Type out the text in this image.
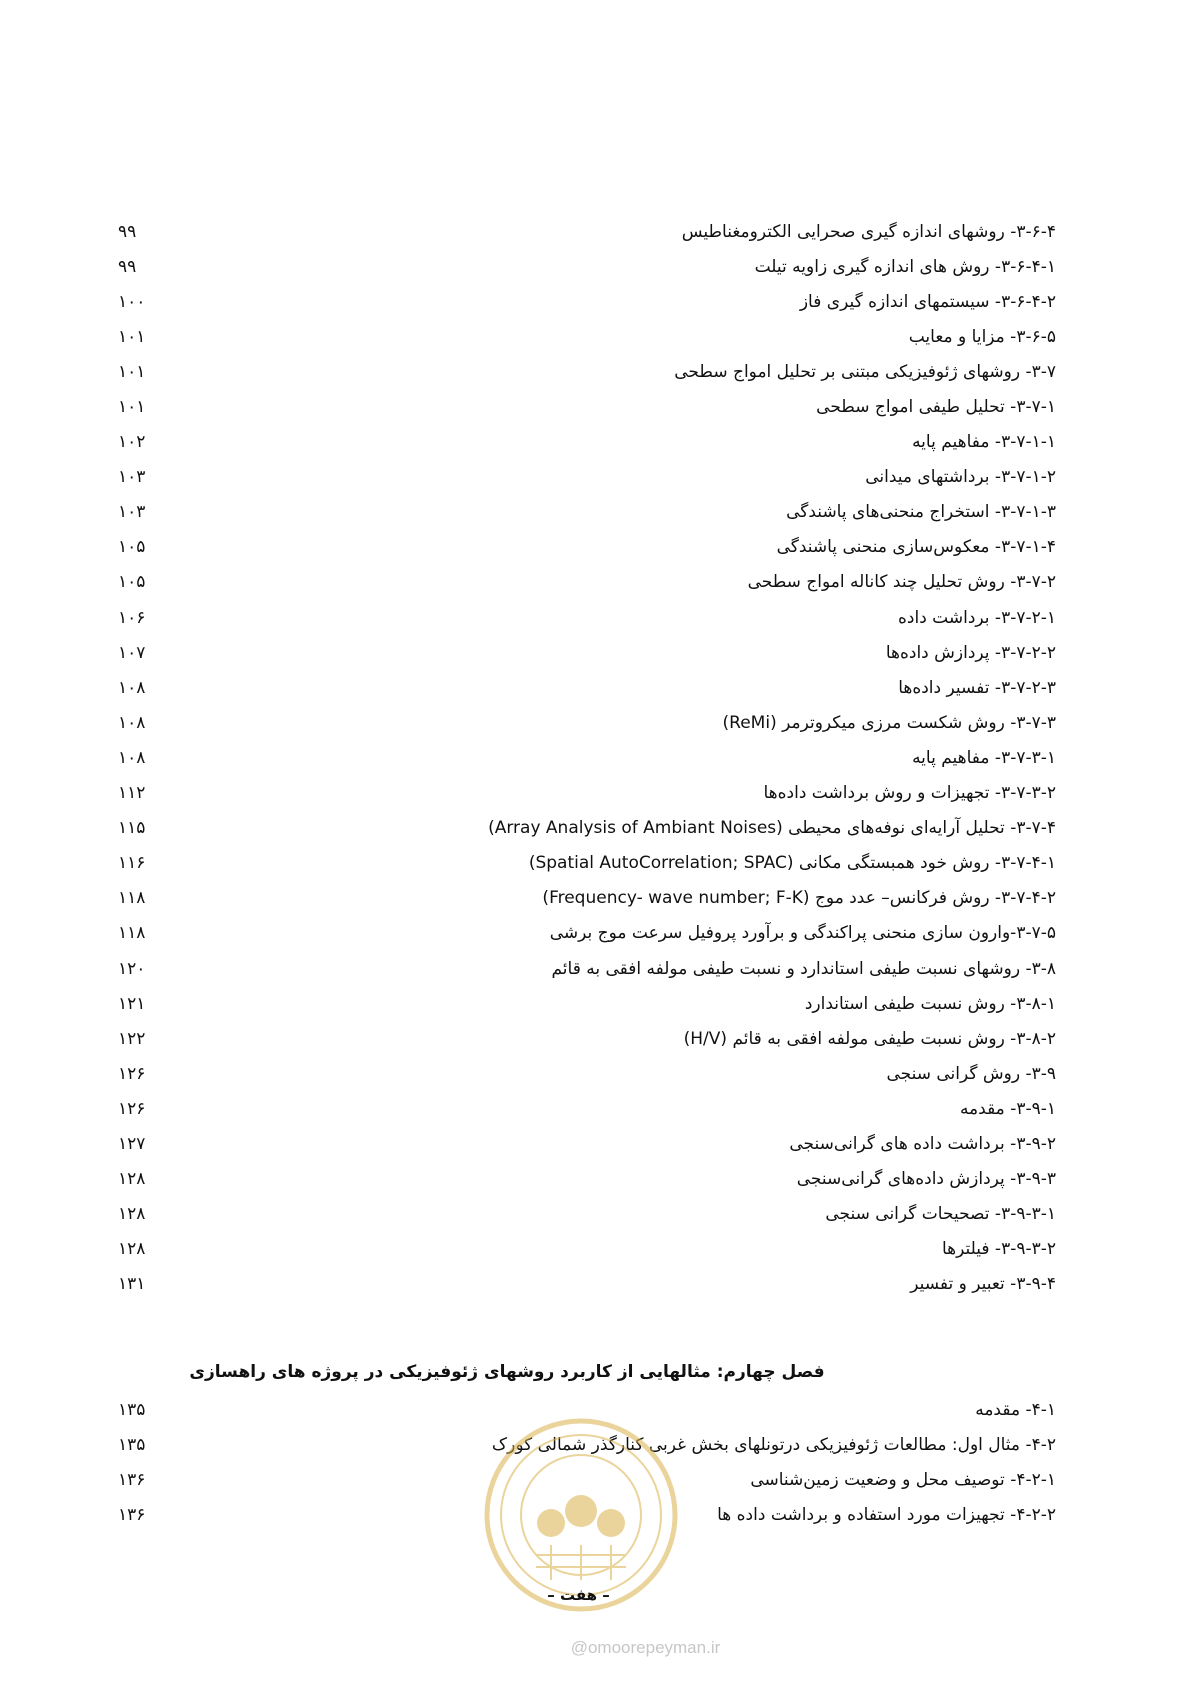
۳-۶-۴- روشهای اندازه گیری صحرایی الکترومغناطیس
۹۹
۳-۶-۴-۱- روش های اندازه گیری زاویه تیلت
۹۹
۳-۶-۴-۲- سیستمهای اندازه گیری فاز
۱۰۰
۳-۶-۵- مزایا و معایب
۱۰۱
۳-۷- روشهای ژئوفیزیکی مبتنی بر تحلیل امواج سطحی
۱۰۱
۳-۷-۱- تحلیل طیفی امواج سطحی
۱۰۱
۳-۷-۱-۱- مفاهیم پایه
۱۰۲
۳-۷-۱-۲- برداشتهای میدانی
۱۰۳
۳-۷-۱-۳- استخراج منحنی‌های پاشندگی
۱۰۳
۳-۷-۱-۴- معکوس‌سازی منحنی پاشندگی
۱۰۵
۳-۷-۲- روش تحلیل چند کاناله امواج سطحی
۱۰۵
۳-۷-۲-۱- برداشت داده
۱۰۶
۳-۷-۲-۲- پردازش داده‌ها
۱۰۷
۳-۷-۲-۳- تفسیر داده‌ها
۱۰۸
۳-۷-۳- روش شکست مرزی میکروترمر (ReMi)
۱۰۸
۳-۷-۳-۱- مفاهیم پایه
۱۰۸
۳-۷-۳-۲- تجهیزات و روش برداشت داده‌ها
۱۱۲
۳-۷-۴- تحلیل آرایه‌ای نوفه‌های محیطی (Array Analysis of Ambiant Noises)
۱۱۵
۳-۷-۴-۱- روش خود همبستگی مکانی (Spatial AutoCorrelation; SPAC)
۱۱۶
۳-۷-۴-۲- روش فرکانس– عدد موج (Frequency- wave number; F-K)
۱۱۸
۳-۷-۵-وارون سازی منحنی پراکندگی و برآورد پروفیل سرعت موج برشی
۱۱۸
۳-۸- روشهای نسبت طیفی استاندارد و نسبت طیفی مولفه افقی به قائم
۱۲۰
۳-۸-۱- روش نسبت طیفی استاندارد
۱۲۱
۳-۸-۲- روش نسبت طیفی مولفه افقی به قائم (H/V)
۱۲۲
۳-۹- روش گرانی سنجی
۱۲۶
۳-۹-۱- مقدمه
۱۲۶
۳-۹-۲- برداشت داده های گرانی‌سنجی
۱۲۷
۳-۹-۳- پردازش داده‌های گرانی‌سنجی
۱۲۸
۳-۹-۳-۱- تصحیحات گرانی سنجی
۱۲۸
۳-۹-۳-۲- فیلترها
۱۲۸
۳-۹-۴- تعبیر و تفسیر
۱۳۱
فصل چهارم: مثالهایی از کاربرد روشهای ژئوفیزیکی در پروژه های راهسازی
۴-۱- مقدمه
۱۳۵
۴-۲- مثال اول: مطالعات ژئوفیزیکی درتونلهای بخش غربی کنارگذر شمالی کورک
۱۳۵
۴-۲-۱- توصیف محل و وضعیت زمین‌شناسی
۱۳۶
۴-۲-۲- تجهیزات مورد استفاده و برداشت داده ها
۱۳۶
– هفت –
@omoorepeyman.ir
